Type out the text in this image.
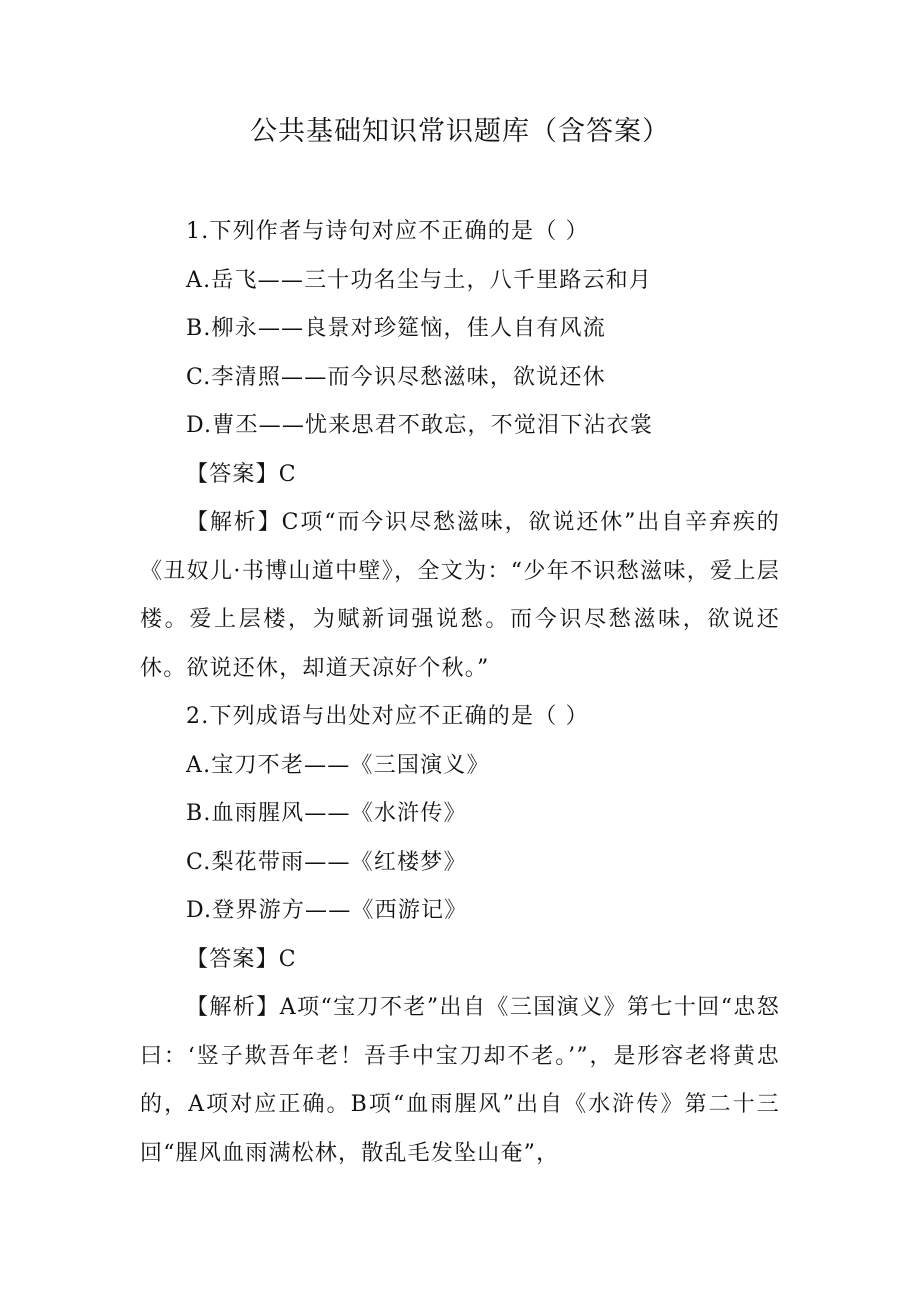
公共基础知识常识题库（含答案）

1.下列作者与诗句对应不正确的是（ ）

A.岳飞——三十功名尘与土，八千里路云和月

B.柳永——良景对珍筵恼，佳人自有风流

C.李清照——而今识尽愁滋味，欲说还休

D.曹丕——忧来思君不敢忘，不觉泪下沾衣裳

【答案】C

【解析】C项“而今识尽愁滋味，欲说还休”出自辛弃疾的《丑奴儿·书博山道中壁》，全文为：“少年不识愁滋味，爱上层楼。爱上层楼，为赋新词强说愁。而今识尽愁滋味，欲说还休。欲说还休，却道天凉好个秋。”

2.下列成语与出处对应不正确的是（ ）

A.宝刀不老——《三国演义》

B.血雨腥风——《水浒传》

C.梨花带雨——《红楼梦》

D.登界游方——《西游记》

【答案】C

【解析】A项“宝刀不老”出自《三国演义》第七十回“忠怒曰：‘竖子欺吾年老！吾手中宝刀却不老。’”，是形容老将黄忠的，A项对应正确。B项“血雨腥风”出自《水浒传》第二十三回“腥风血雨满松林，散乱毛发坠山奄”，
